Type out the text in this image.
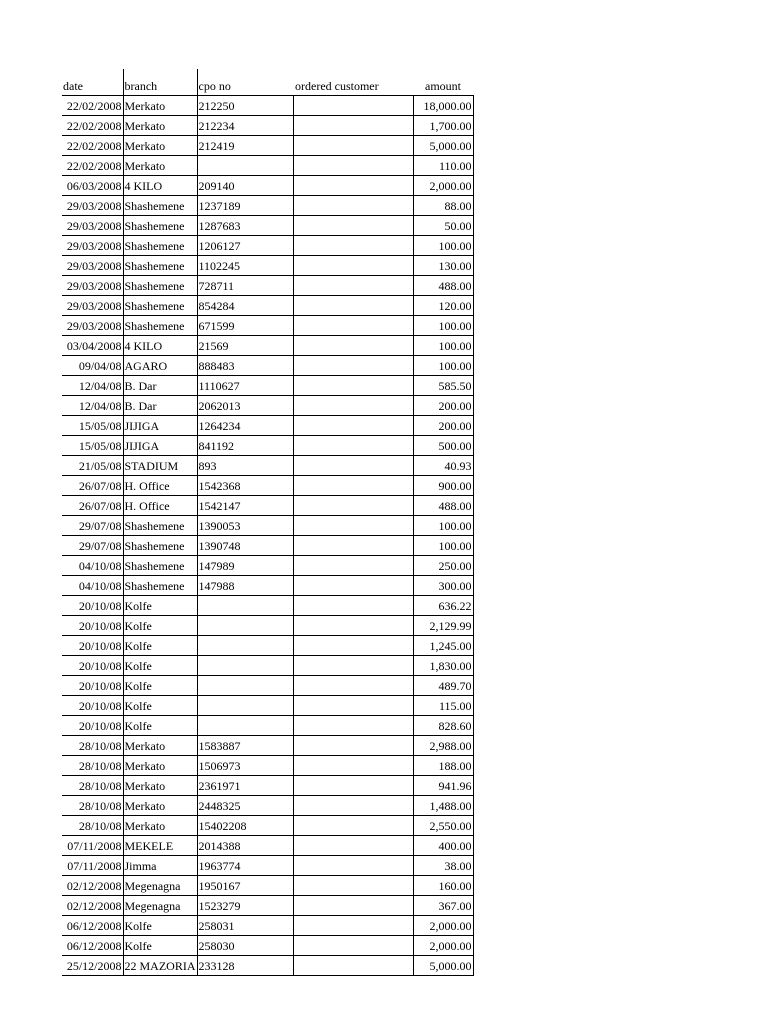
date	branch	cpo no	ordered customer	amount
22/02/2008	Merkato	212250		18,000.00
22/02/2008	Merkato	212234		1,700.00
22/02/2008	Merkato	212419		5,000.00
22/02/2008	Merkato			110.00
06/03/2008	4 KILO	209140		2,000.00
29/03/2008	Shashemene	1237189		88.00
29/03/2008	Shashemene	1287683		50.00
29/03/2008	Shashemene	1206127		100.00
29/03/2008	Shashemene	1102245		130.00
29/03/2008	Shashemene	728711		488.00
29/03/2008	Shashemene	854284		120.00
29/03/2008	Shashemene	671599		100.00
03/04/2008	4 KILO	21569		100.00
09/04/08	AGARO	888483		100.00
12/04/08	B. Dar	1110627		585.50
12/04/08	B. Dar	2062013		200.00
15/05/08	JIJIGA	1264234		200.00
15/05/08	JIJIGA	841192		500.00
21/05/08	STADIUM	893		40.93
26/07/08	H. Office	1542368		900.00
26/07/08	H. Office	1542147		488.00
29/07/08	Shashemene	1390053		100.00
29/07/08	Shashemene	1390748		100.00
04/10/08	Shashemene	147989		250.00
04/10/08	Shashemene	147988		300.00
20/10/08	Kolfe			636.22
20/10/08	Kolfe			2,129.99
20/10/08	Kolfe			1,245.00
20/10/08	Kolfe			1,830.00
20/10/08	Kolfe			489.70
20/10/08	Kolfe			115.00
20/10/08	Kolfe			828.60
28/10/08	Merkato	1583887		2,988.00
28/10/08	Merkato	1506973		188.00
28/10/08	Merkato	2361971		941.96
28/10/08	Merkato	2448325		1,488.00
28/10/08	Merkato	15402208		2,550.00
07/11/2008	MEKELE	2014388		400.00
07/11/2008	Jimma	1963774		38.00
02/12/2008	Megenagna	1950167		160.00
02/12/2008	Megenagna	1523279		367.00
06/12/2008	Kolfe	258031		2,000.00
06/12/2008	Kolfe	258030		2,000.00
25/12/2008	22 MAZORIA	233128		5,000.00
